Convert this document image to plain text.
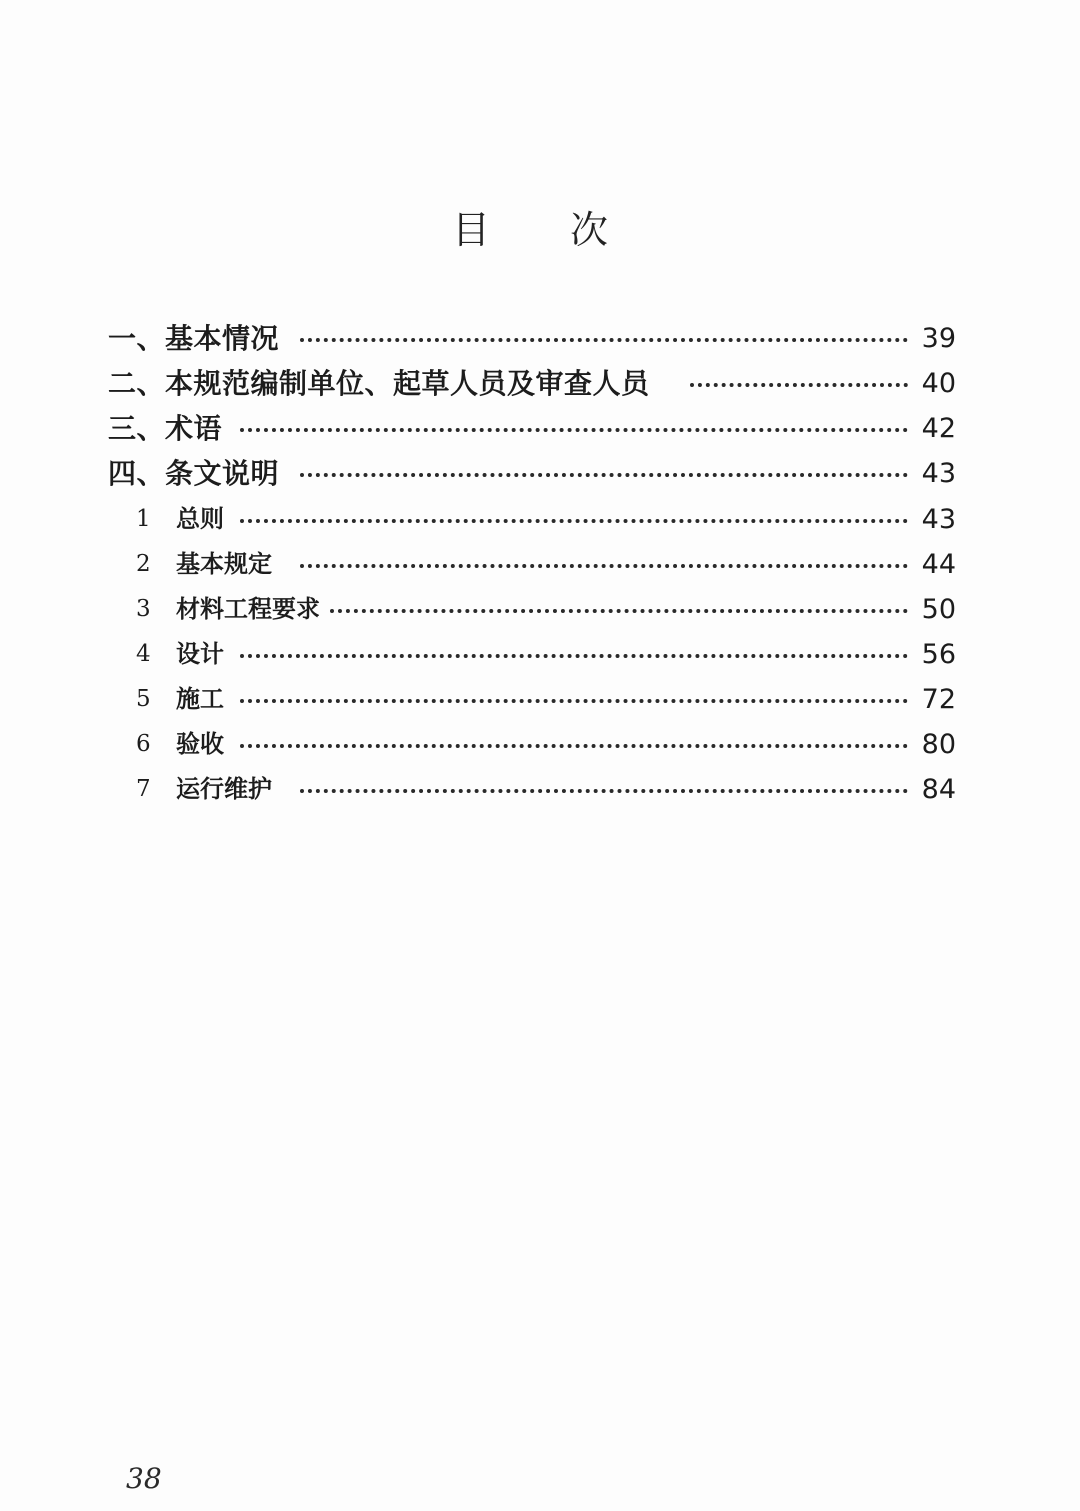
目 次
一、基本情况	39
二、本规范编制单位、起草人员及审查人员	40
三、术语	42
四、条文说明	43
1 总则	43
2 基本规定	44
3 材料工程要求	50
4 设计	56
5 施工	72
6 验收	80
7 运行维护	84
38
